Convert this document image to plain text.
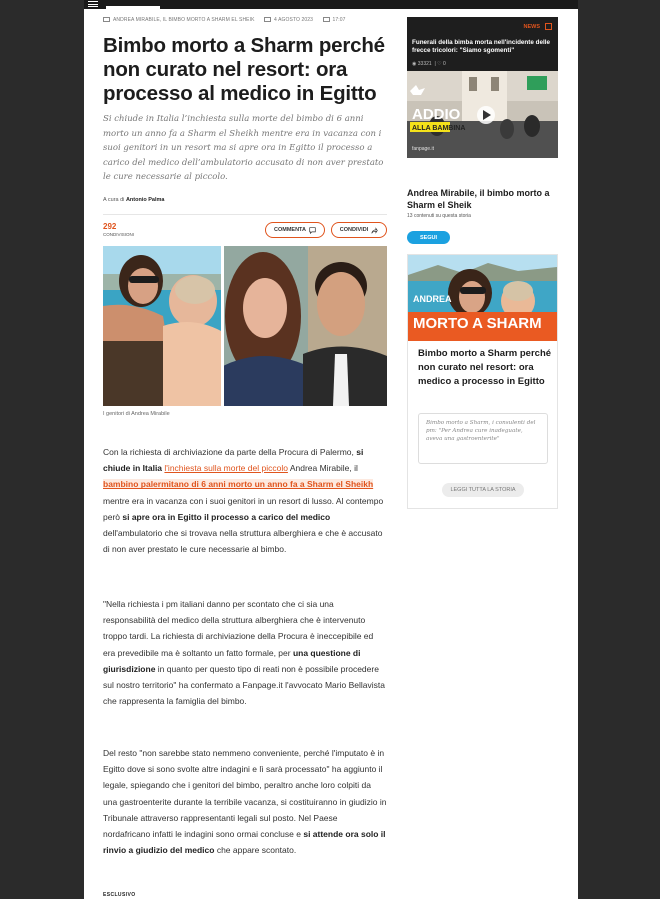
ANDREA MIRABILE, IL BIMBO MORTO A SHARM EL SHEIK	4 AGOSTO 2023	17:07
Bimbo morto a Sharm perché non curato nel resort: ora processo al medico in Egitto

Si chiude in Italia l’inchiesta sulla morte del bimbo di 6 anni morto un anno fa a Sharm el Sheikh mentre era in vacanza con i suoi genitori in un resort ma si apre ora in Egitto il processo a carico del medico dell’ambulatorio accusato di non aver prestato le cure necessarie al piccolo.

A cura di Antonio Palma
292
CONDIVISIONI
COMMENTA	CONDIVIDI
I genitori di Andrea Mirabile

Con la richiesta di archiviazione da parte della Procura di Palermo, si chiude in Italia l'inchiesta sulla morte del piccolo Andrea Mirabile, il bambino palermitano di 6 anni morto un anno fa a Sharm el Sheikh mentre era in vacanza con i suoi genitori in un resort di lusso. Al contempo però si apre ora in Egitto il processo a carico del medico dell'ambulatorio che si trovava nella struttura alberghiera e che è accusato di non aver prestato le cure necessarie al bimbo.

"Nella richiesta i pm italiani danno per scontato che ci sia una responsabilità del medico della struttura alberghiera che è intervenuto troppo tardi. La richiesta di archiviazione della Procura è ineccepibile ed era prevedibile ma è soltanto un fatto formale, per una questione di giurisdizione in quanto per questo tipo di reati non è possibile procedere sul nostro territorio" ha confermato a Fanpage.it l'avvocato Mario Bellavista che rappresenta la famiglia del bimbo.

Del resto "non sarebbe stato nemmeno conveniente, perché l'imputato è in Egitto dove si sono svolte altre indagini e lì sarà processato" ha aggiunto il legale, spiegando che i genitori del bimbo, peraltro anche loro colpiti da una gastroenterite durante la terribile vacanza, si costituiranno in giudizio in Tribunale attraverso rappresentanti legali sul posto. Nel Paese nordafricano infatti le indagini sono ormai concluse e si attende ora solo il rinvio a giudizio del medico che appare scontato.

ESCLUSIVO
NEWS
Funerali della bimba morta nell'incidente delle frecce tricolori: "Siamo sgomenti"
◉ 33321  | ♡ 0
ADDIO
ALLA BAMBINA
fanpage.it
Andrea Mirabile, il bimbo morto a Sharm el Sheik
13 contenuti su questa storia
SEGUI
ANDREA
MORTO A SHARM
Bimbo morto a Sharm perché non curato nel resort: ora medico a processo in Egitto
Bimbo morto a Sharm, i consulenti del pm: "Per Andrea cure inadeguate, aveva una gastroenterite"
LEGGI TUTTA LA STORIA
